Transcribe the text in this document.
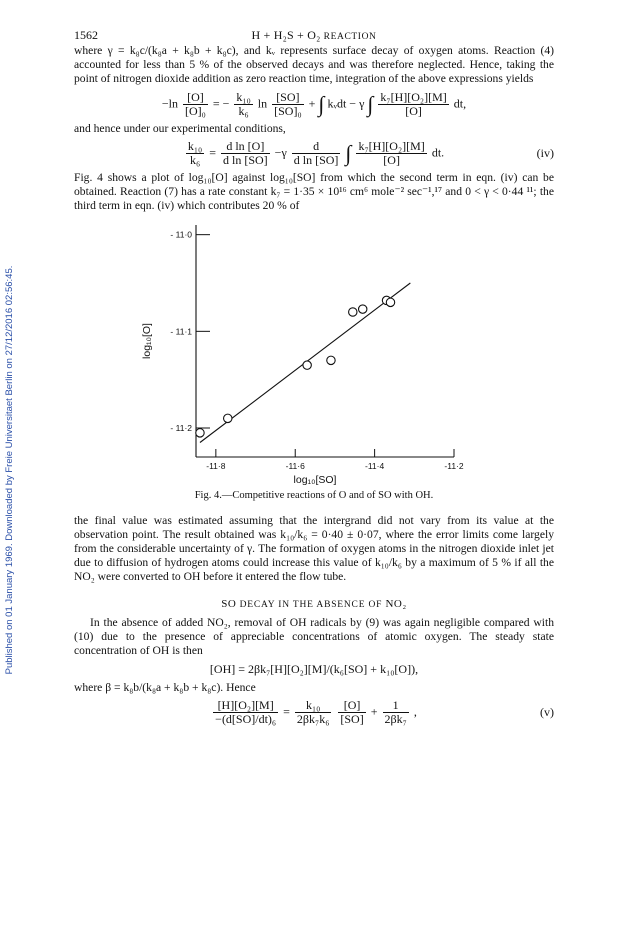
Published on 01 January 1969. Downloaded by Freie Universitaet Berlin on 27/12/2016 02:56:45.
1562	H + H₂S + O₂ REACTION

where γ = k₈c/(k₈a + k₈b + k₈c), and kᵥ represents surface decay of oxygen atoms. Reaction (4) accounted for less than 5 % of the observed decays and was therefore neglected. Hence, taking the point of nitrogen dioxide addition as zero reaction time, integration of the above expressions yields

$-\ln \frac{[O]}{\text{[O]₀}}$ = − $\frac{\text{k₁₀}}{\text{k₆}}$ $\ln \frac{[SO]}{\text{[SO]₀}}$ + ∫ kᵥdt − γ ∫ $\frac{\text{k₇[H][O₂][M]}}{[O]}$ dt,

and hence under our experimental conditions,

$\frac{\text{k₁₀}}{\text{k₆}} = \frac{\text{d ln [O]}}{\text{d ln [SO]}} -\gamma \frac{d}{\text{d ln [SO]}}$ ∫ $\frac{\text{k₇[H][O₂][M]}}{[O]}$ dt.	(iv)

Fig. 4 shows a plot of log₁₀[O] against log₁₀[SO] from which the second term in eqn. (iv) can be obtained. Reaction (7) has a rate constant k₇ = 1·35 × 10¹⁶ cm⁶ mole⁻² sec⁻¹,¹⁷ and 0 < γ < 0·44 ¹¹; the third term in eqn. (iv) which contributes 20 % of

-11·8	-11·6	-11·4	-11·2
- 11·0
- 11·1
- 11·2
log₁₀[O]
log₁₀[SO]
Fig. 4.—Competitive reactions of O and of SO with OH.

the final value was estimated assuming that the intergrand did not vary from its value at the observation point. The result obtained was k₁₀/k₆ = 0·40 ± 0·07, where the error limits come largely from the considerable uncertainty of γ. The formation of oxygen atoms in the nitrogen dioxide inlet jet due to diffusion of hydrogen atoms could increase this value of k₁₀/k₆ by a maximum of 5 % if all the NO₂ were converted to OH before it entered the flow tube.

SO DECAY IN THE ABSENCE OF NO₂

In the absence of added NO₂, removal of OH radicals by (9) was again negligible compared with (10) due to the presence of appreciable concentrations of atomic oxygen. The steady state concentration of OH is then

[OH] = 2βk₇[H][O₂][M]/(k₆[SO] + k₁₀[O]),

where β = k₈b/(k₈a + k₈b + k₈c). Hence

$\frac{\text{[H][O₂][M]}}{\text{−(d[SO]/dt)₆}} = \frac{\text{k₁₀}}{\text{2βk₇k₆}}$
$\frac{[O]}{[SO]} + \frac{1}{\text{2βk₇}}$ ,	(v)
